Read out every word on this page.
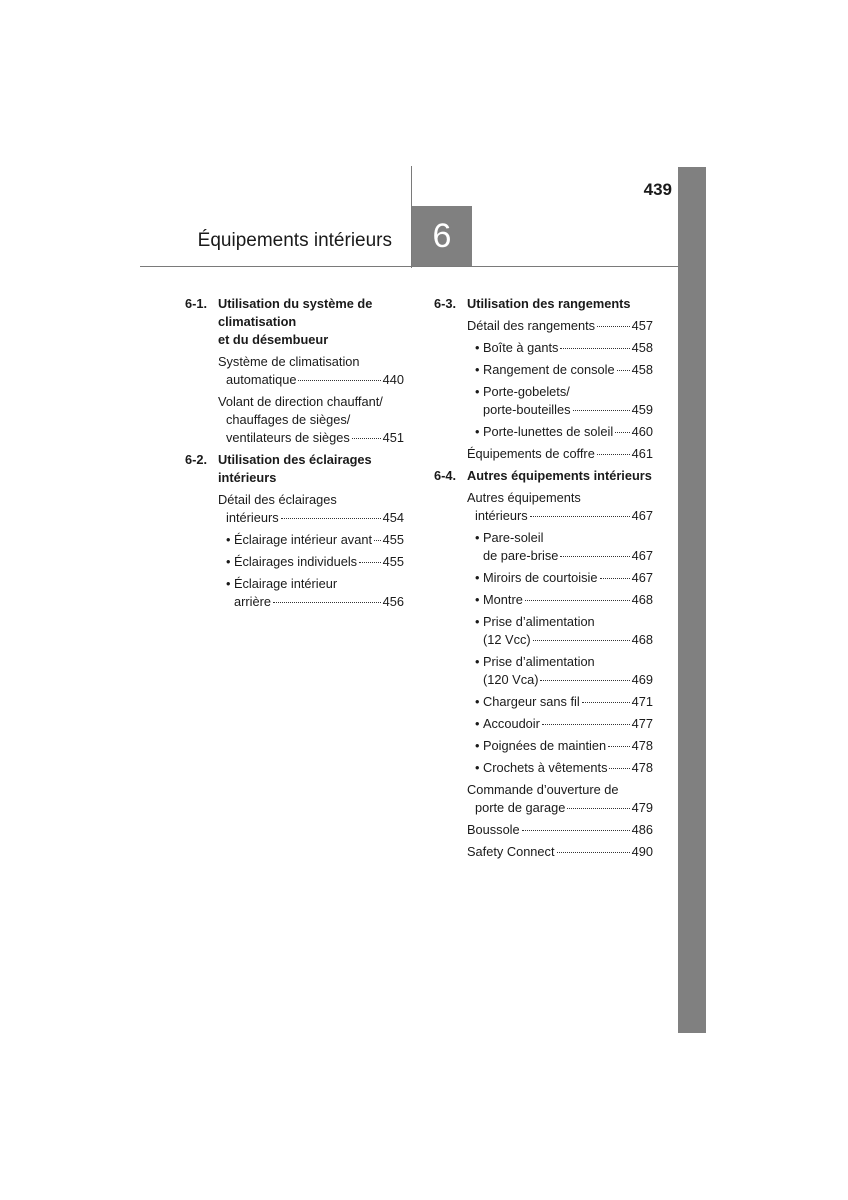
439
6
Équipements intérieurs
6-1. Utilisation du système de
climatisation
et du désembueur
Système de climatisation
automatique	440
Volant de direction chauffant/
chauffages de sièges/
ventilateurs de sièges	451
6-2. Utilisation des éclairages
intérieurs
Détail des éclairages
intérieurs	454
• Éclairage intérieur avant 455
• Éclairages individuels 455
• Éclairage intérieur
arrière	456
6-3. Utilisation des rangements
Détail des rangements	457
• Boîte à gants	458
• Rangement de console 458
• Porte-gobelets/
porte-bouteilles	459
• Porte-lunettes de soleil 460
Équipements de coffre	461
6-4. Autres équipements intérieurs
Autres équipements
intérieurs	467
• Pare-soleil
de pare-brise	467
• Miroirs de courtoisie	467
• Montre	468
• Prise d’alimentation
(12 Vcc)	468
• Prise d’alimentation
(120 Vca)	469
• Chargeur sans fil	471
• Accoudoir	477
• Poignées de maintien 478
• Crochets à vêtements 478
Commande d’ouverture de
porte de garage	479
Boussole	486
Safety Connect	490
